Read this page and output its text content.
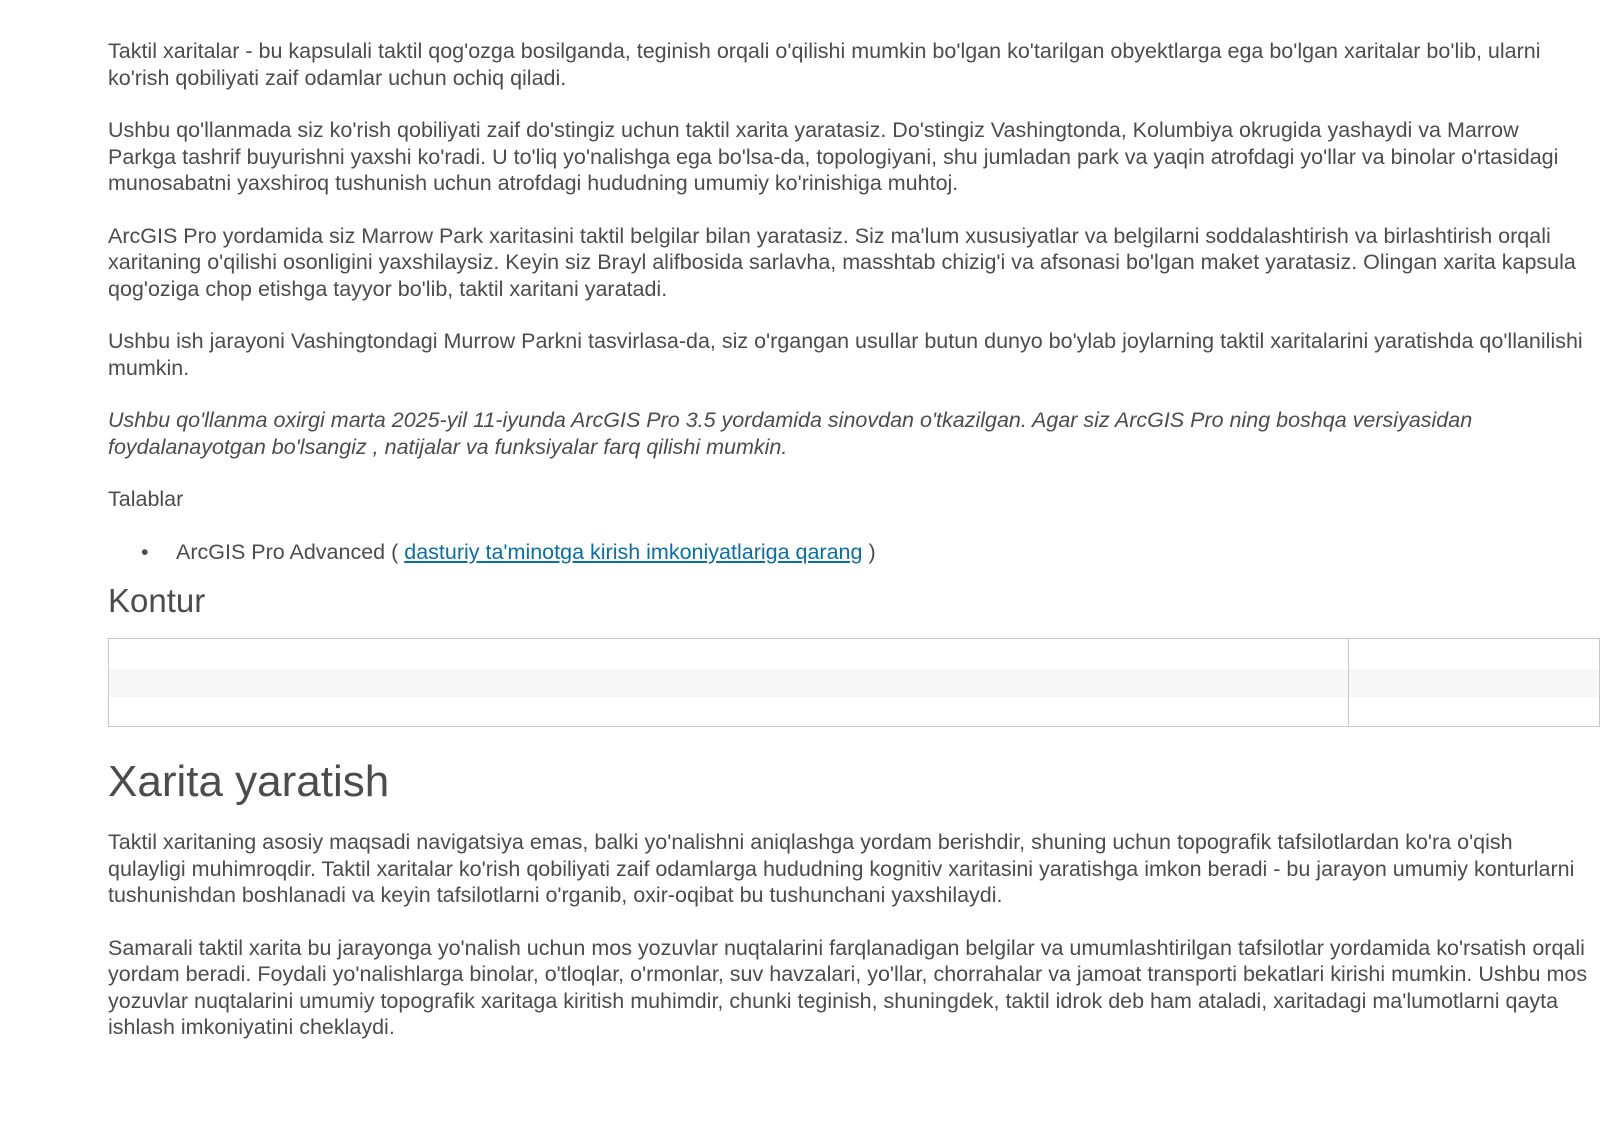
Taktil xaritalar - bu kapsulali taktil qog'ozga bosilganda, teginish orqali o'qilishi mumkin bo'lgan ko'tarilgan obyektlarga ega bo'lgan xaritalar bo'lib, ularni ko'rish qobiliyati zaif odamlar uchun ochiq qiladi.

Ushbu qo'llanmada siz ko'rish qobiliyati zaif do'stingiz uchun taktil xarita yaratasiz. Do'stingiz Vashingtonda, Kolumbiya okrugida yashaydi va Marrow Parkga tashrif buyurishni yaxshi ko'radi. U to'liq yo'nalishga ega bo'lsa-da, topologiyani, shu jumladan park va yaqin atrofdagi yo'llar va binolar o'rtasidagi munosabatni yaxshiroq tushunish uchun atrofdagi hududning umumiy ko'rinishiga muhtoj.

ArcGIS Pro yordamida siz Marrow Park xaritasini taktil belgilar bilan yaratasiz. Siz ma'lum xususiyatlar va belgilarni soddalashtirish va birlashtirish orqali xaritaning o'qilishi osonligini yaxshilaysiz. Keyin siz Brayl alifbosida sarlavha, masshtab chizig'i va afsonasi bo'lgan maket yaratasiz. Olingan xarita kapsula qog'oziga chop etishga tayyor bo'lib, taktil xaritani yaratadi.

Ushbu ish jarayoni Vashingtondagi Murrow Parkni tasvirlasa-da, siz o'rgangan usullar butun dunyo bo'ylab joylarning taktil xaritalarini yaratishda qo'llanilishi mumkin.

Ushbu qo'llanma oxirgi marta 2025-yil 11-iyunda ArcGIS Pro 3.5 yordamida sinovdan o'tkazilgan. Agar siz ArcGIS Pro ning boshqa versiyasidan foydalanayotgan bo'lsangiz , natijalar va funksiyalar farq qilishi mumkin.

Talablar

• ArcGIS Pro Advanced ( dasturiy ta'minotga kirish imkoniyatlariga qarang )
Kontur
Xarita yaratish

Taktil xaritaning asosiy maqsadi navigatsiya emas, balki yo'nalishni aniqlashga yordam berishdir, shuning uchun topografik tafsilotlardan ko'ra o'qish qulayligi muhimroqdir. Taktil xaritalar ko'rish qobiliyati zaif odamlarga hududning kognitiv xaritasini yaratishga imkon beradi - bu jarayon umumiy konturlarni tushunishdan boshlanadi va keyin tafsilotlarni o'rganib, oxir-oqibat bu tushunchani yaxshilaydi.

Samarali taktil xarita bu jarayonga yo'nalish uchun mos yozuvlar nuqtalarini farqlanadigan belgilar va umumlashtirilgan tafsilotlar yordamida ko'rsatish orqali yordam beradi. Foydali yo'nalishlarga binolar, o'tloqlar, o'rmonlar, suv havzalari, yo'llar, chorrahalar va jamoat transporti bekatlari kirishi mumkin. Ushbu mos yozuvlar nuqtalarini umumiy topografik xaritaga kiritish muhimdir, chunki teginish, shuningdek, taktil idrok deb ham ataladi, xaritadagi ma'lumotlarni qayta ishlash imkoniyatini cheklaydi.
